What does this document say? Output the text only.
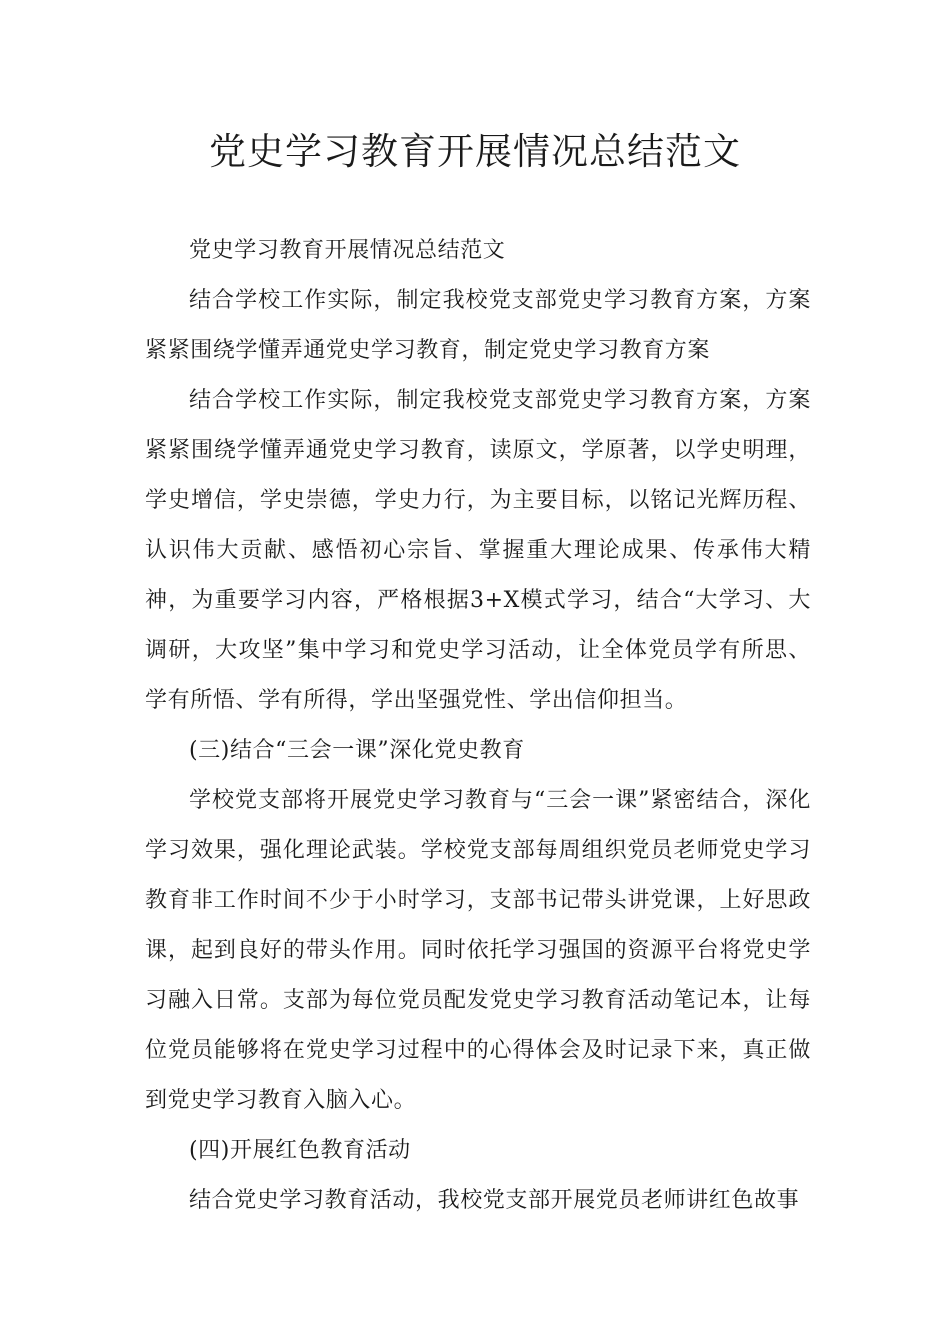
党史学习教育开展情况总结范文

党史学习教育开展情况总结范文

结合学校工作实际，制定我校党支部党史学习教育方案，方案紧紧围绕学懂弄通党史学习教育，制定党史学习教育方案

结合学校工作实际，制定我校党支部党史学习教育方案，方案紧紧围绕学懂弄通党史学习教育，读原文，学原著，以学史明理，学史增信，学史崇德，学史力行，为主要目标，以铭记光辉历程、认识伟大贡献、感悟初心宗旨、掌握重大理论成果、传承伟大精神，为重要学习内容，严格根据3+X模式学习，结合“大学习、大调研，大攻坚”集中学习和党史学习活动，让全体党员学有所思、学有所悟、学有所得，学出坚强党性、学出信仰担当。

(三)结合“三会一课”深化党史教育

学校党支部将开展党史学习教育与“三会一课”紧密结合，深化学习效果，强化理论武装。学校党支部每周组织党员老师党史学习教育非工作时间不少于小时学习，支部书记带头讲党课，上好思政课，起到良好的带头作用。同时依托学习强国的资源平台将党史学习融入日常。支部为每位党员配发党史学习教育活动笔记本，让每位党员能够将在党史学习过程中的心得体会及时记录下来，真正做到党史学习教育入脑入心。

(四)开展红色教育活动

结合党史学习教育活动，我校党支部开展党员老师讲红色故事
